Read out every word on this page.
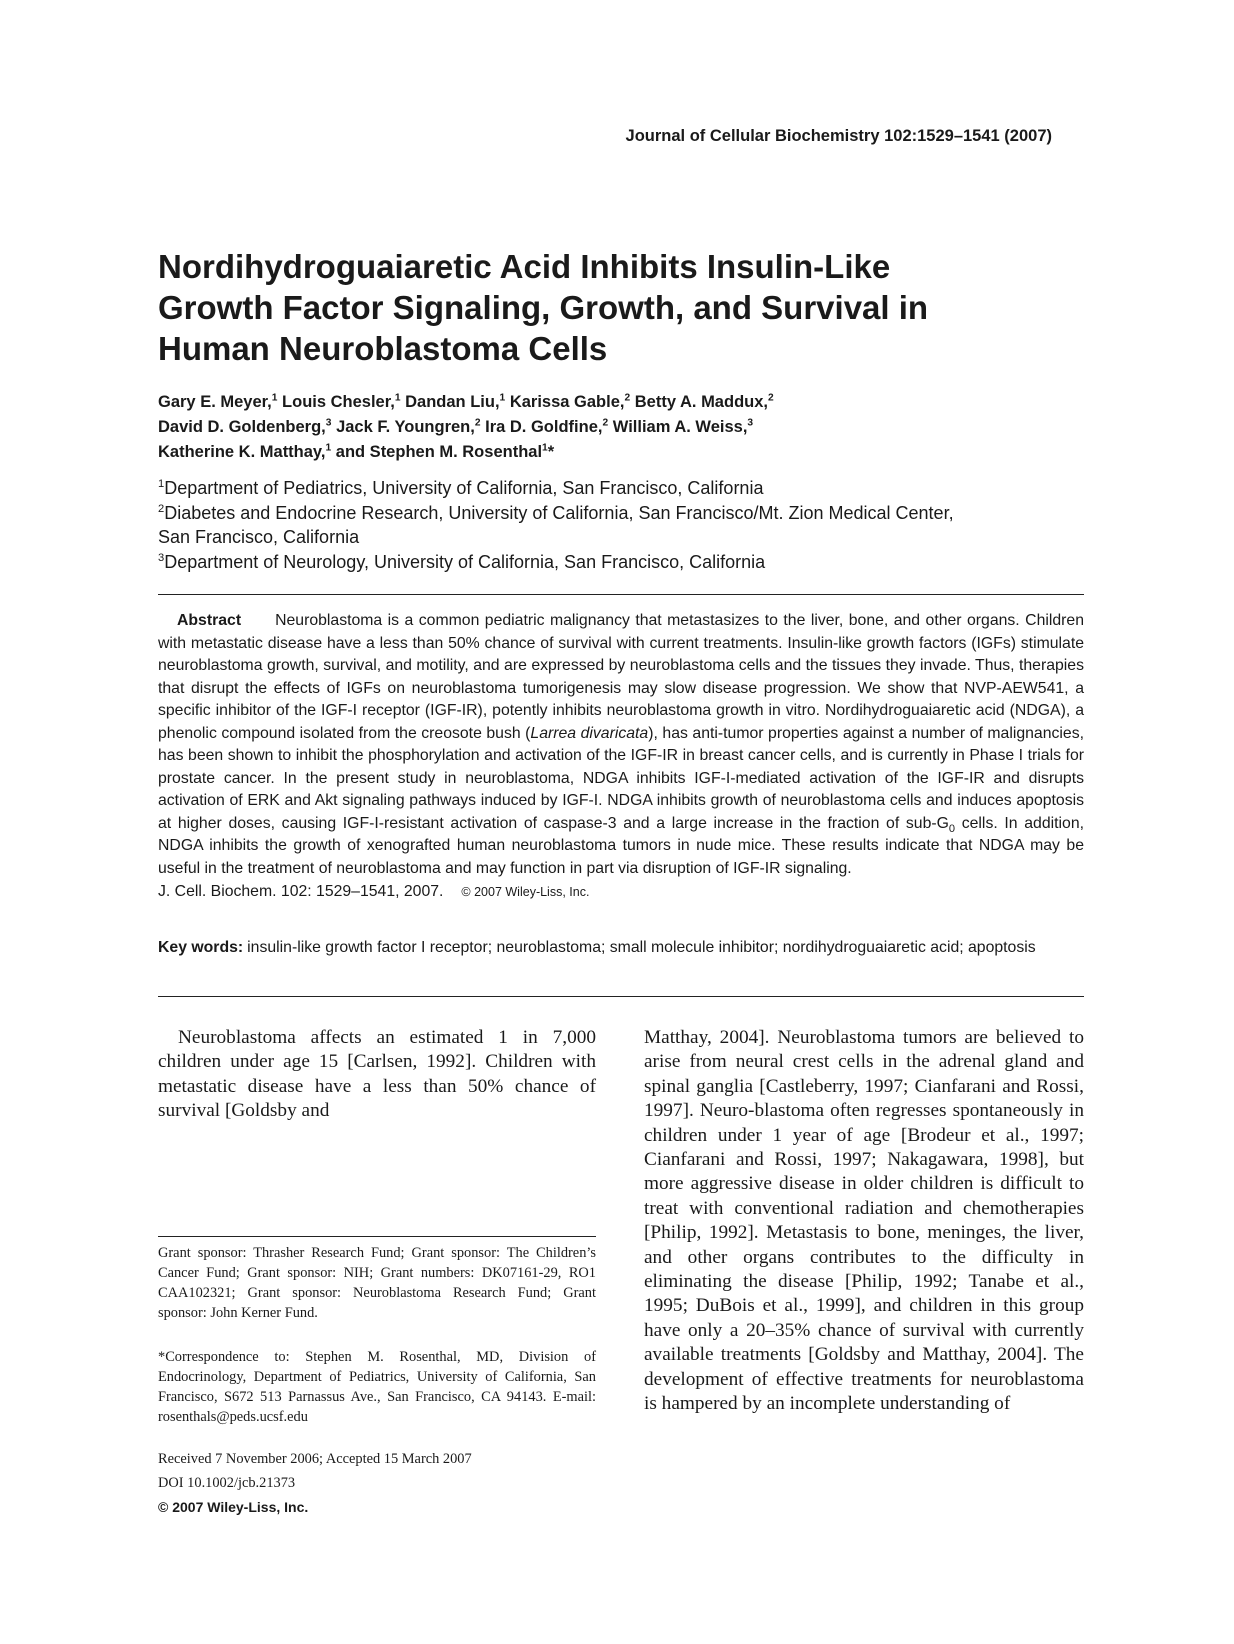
Journal of Cellular Biochemistry 102:1529–1541 (2007)
Nordihydroguaiaretic Acid Inhibits Insulin-Like
Growth Factor Signaling, Growth, and Survival in
Human Neuroblastoma Cells
Gary E. Meyer,$^1$ Louis Chesler,$^1$ Dandan Liu,$^1$ Karissa Gable,$^2$ Betty A. Maddux,$^2$
David D. Goldenberg,$^3$ Jack F. Youngren,$^2$ Ira D. Goldfine,$^2$ William A. Weiss,$^3$
Katherine K. Matthay,$^1$ and Stephen M. Rosenthal$^1$*
$^1$Department of Pediatrics, University of California, San Francisco, California
$^2$Diabetes and Endocrine Research, University of California, San Francisco/Mt. Zion Medical Center,
San Francisco, California
$^3$Department of Neurology, University of California, San Francisco, California
Abstract Neuroblastoma is a common pediatric malignancy that metastasizes to the liver, bone, and other organs. Children with metastatic disease have a less than 50% chance of survival with current treatments. Insulin-like growth factors (IGFs) stimulate neuroblastoma growth, survival, and motility, and are expressed by neuroblastoma cells and the tissues they invade. Thus, therapies that disrupt the effects of IGFs on neuroblastoma tumorigenesis may slow disease progression. We show that NVP-AEW541, a specific inhibitor of the IGF-I receptor (IGF-IR), potently inhibits neuroblastoma growth in vitro. Nordihydroguaiaretic acid (NDGA), a phenolic compound isolated from the creosote bush (Larrea divaricata), has anti-tumor properties against a number of malignancies, has been shown to inhibit the phosphorylation and activation of the IGF-IR in breast cancer cells, and is currently in Phase I trials for prostate cancer. In the present study in neuroblastoma, NDGA inhibits IGF-I-mediated activation of the IGF-IR and disrupts activation of ERK and Akt signaling pathways induced by IGF-I. NDGA inhibits growth of neuroblastoma cells and induces apoptosis at higher doses, causing IGF-I-resistant activation of caspase-3 and a large increase in the fraction of sub-$G_0$ cells. In addition, NDGA inhibits the growth of xenografted human neuroblastoma tumors in nude mice. These results indicate that NDGA may be useful in the treatment of neuroblastoma and may function in part via disruption of IGF-IR signaling.
J. Cell. Biochem. 102: 1529–1541, 2007. © 2007 Wiley-Liss, Inc.
Key words: insulin-like growth factor I receptor; neuroblastoma; small molecule inhibitor; nordihydroguaiaretic acid; apoptosis
Neuroblastoma affects an estimated 1 in 7,000 children under age 15 [Carlsen, 1992]. Children with metastatic disease have a less than 50% chance of survival [Goldsby and
Matthay, 2004]. Neuroblastoma tumors are believed to arise from neural crest cells in the adrenal gland and spinal ganglia [Castleberry, 1997; Cianfarani and Rossi, 1997]. Neuro-blastoma often regresses spontaneously in children under 1 year of age [Brodeur et al., 1997; Cianfarani and Rossi, 1997; Nakagawara, 1998], but more aggressive disease in older children is difficult to treat with conventional radiation and chemotherapies [Philip, 1992]. Metastasis to bone, meninges, the liver, and other organs contributes to the difficulty in eliminating the disease [Philip, 1992; Tanabe et al., 1995; DuBois et al., 1999], and children in this group have only a 20–35% chance of survival with currently available treatments [Goldsby and Matthay, 2004]. The development of effective treatments for neuroblastoma is hampered by an incomplete understanding of
Grant sponsor: Thrasher Research Fund; Grant sponsor: The Children’s Cancer Fund; Grant sponsor: NIH; Grant numbers: DK07161-29, RO1 CAA102321; Grant sponsor: Neuroblastoma Research Fund; Grant sponsor: John Kerner Fund.
*Correspondence to: Stephen M. Rosenthal, MD, Division of Endocrinology, Department of Pediatrics, University of California, San Francisco, S672 513 Parnassus Ave., San Francisco, CA 94143. E-mail: rosenthals@peds.ucsf.edu
Received 7 November 2006; Accepted 15 March 2007
DOI 10.1002/jcb.21373
© 2007 Wiley-Liss, Inc.
